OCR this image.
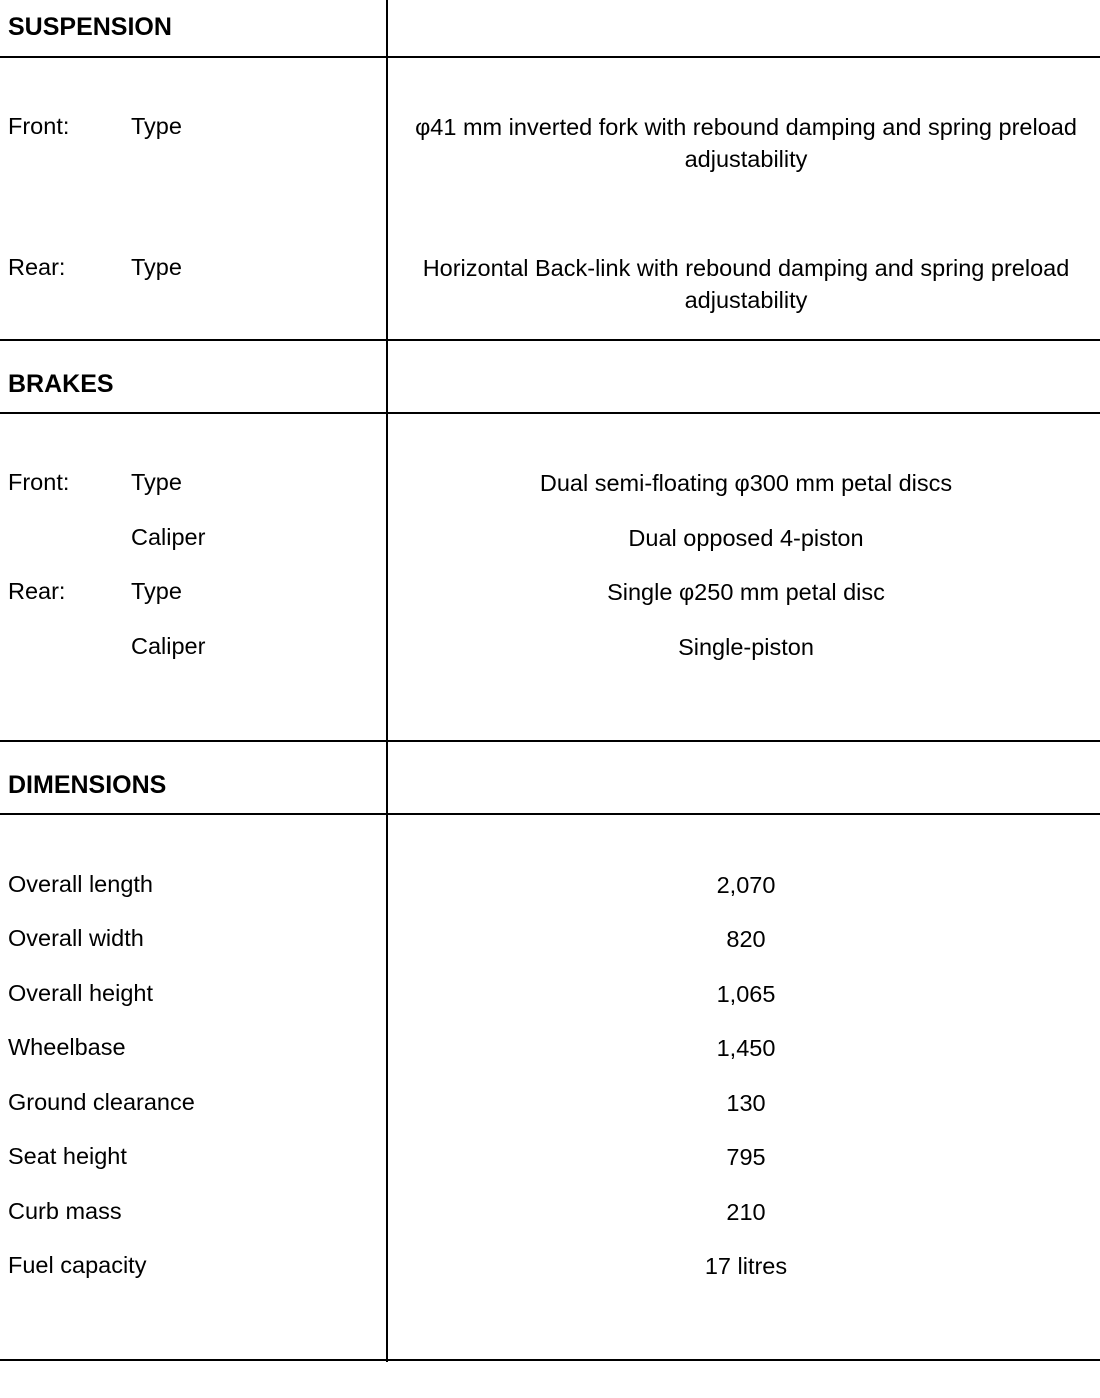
SUSPENSION
Front:	Type	φ41 mm inverted fork with rebound damping and spring preload adjustability
Rear:	Type	Horizontal Back-link with rebound damping and spring preload adjustability
BRAKES
Front:	Type	Dual semi-floating φ300 mm petal discs
Caliper	Dual opposed 4-piston
Rear:	Type	Single φ250 mm petal disc
Caliper	Single-piston
DIMENSIONS
Overall length	2,070
Overall width	820
Overall height	1,065
Wheelbase	1,450
Ground clearance	130
Seat height	795
Curb mass	210
Fuel capacity	17 litres
